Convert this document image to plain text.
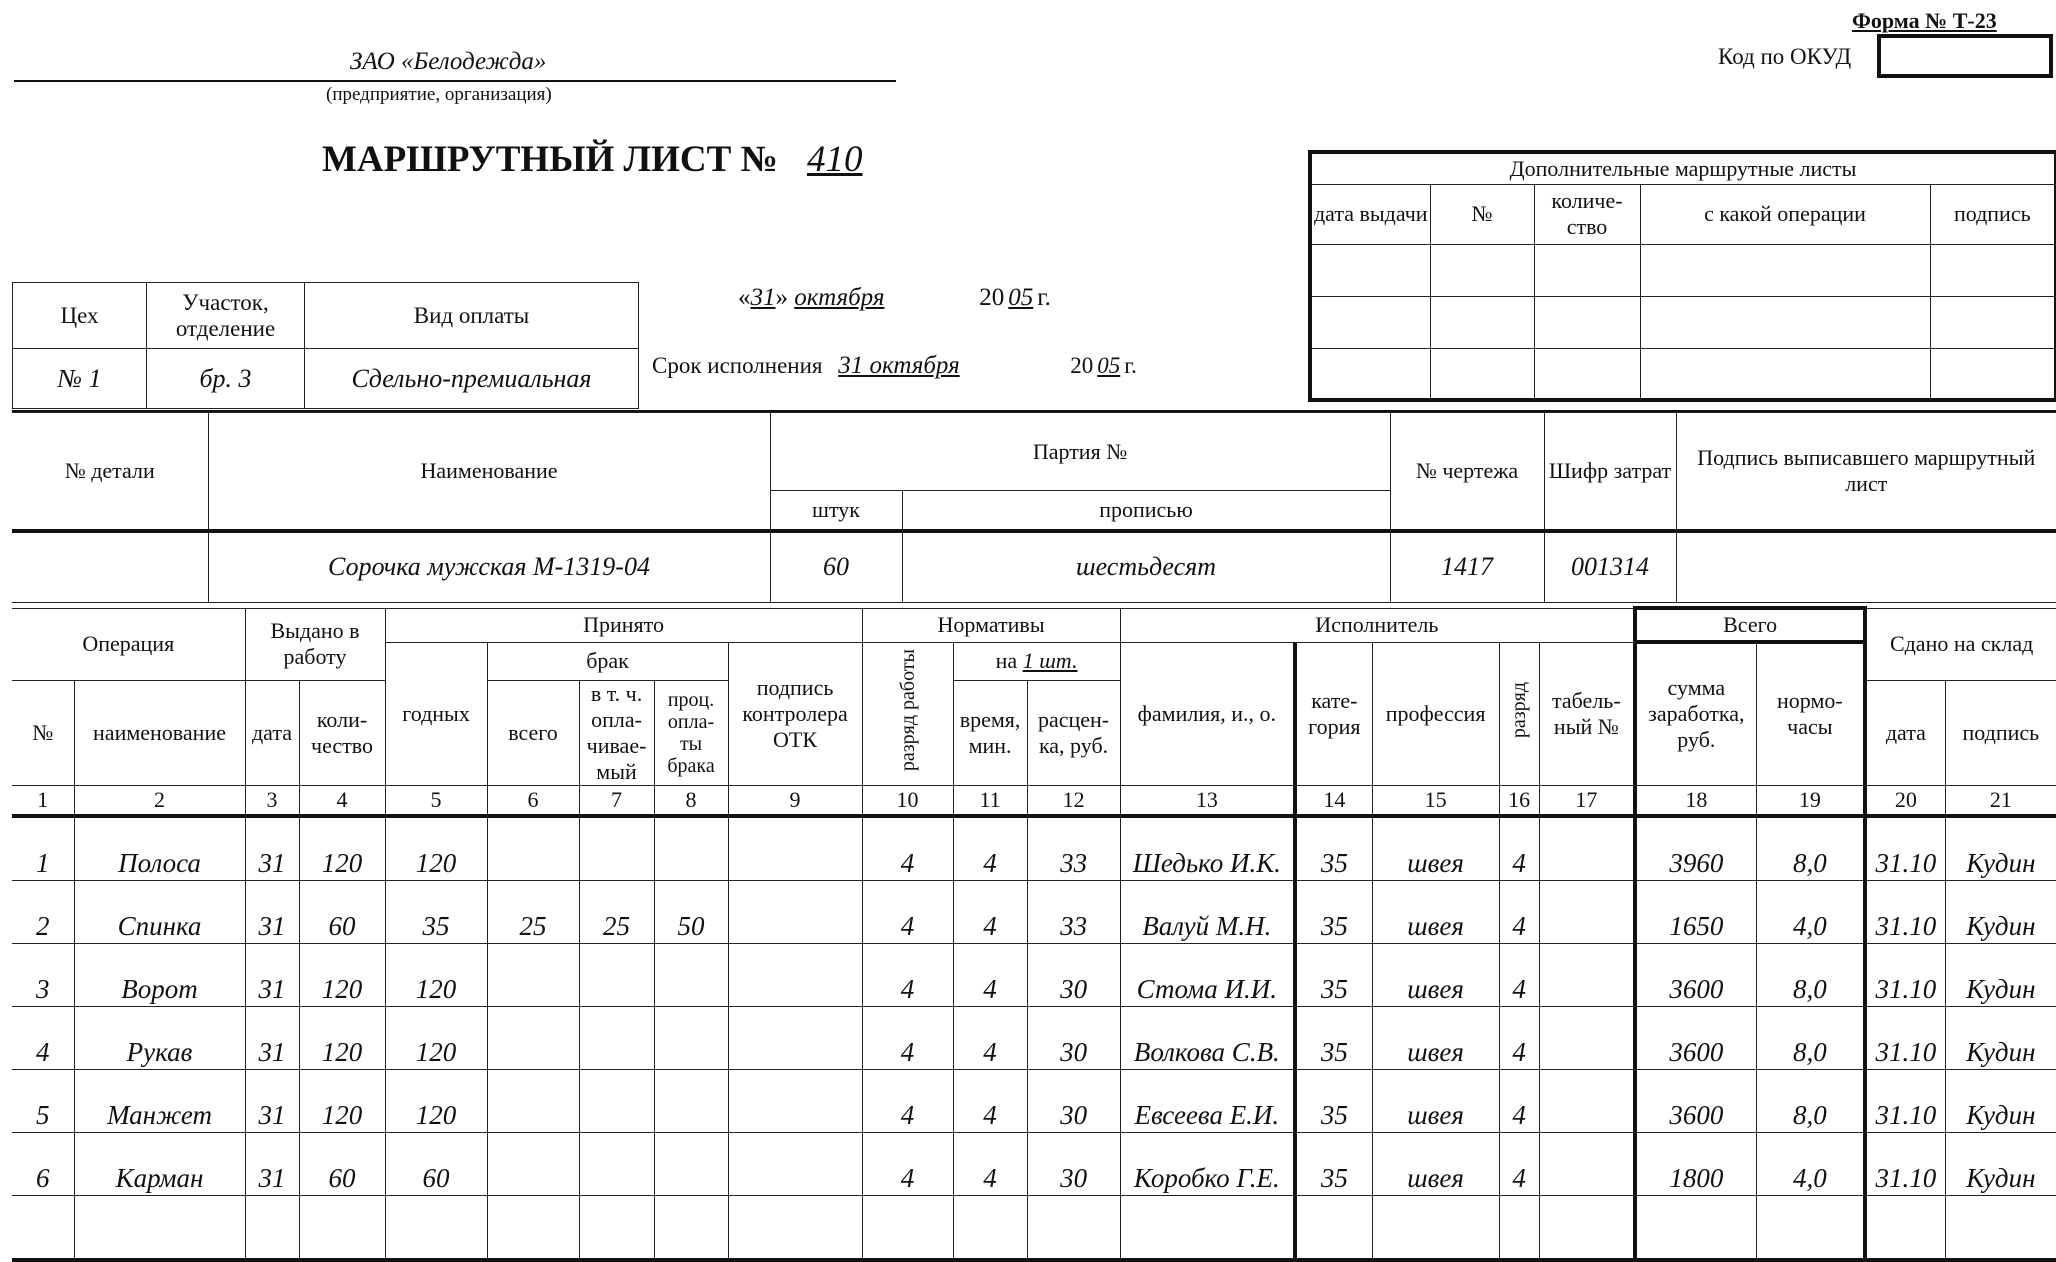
Форма № Т-23
Код по ОКУД
ЗАО «Белодежда»
(предприятие, организация)
МАРШРУТНЫЙ ЛИСТ № 410
«31» октября	20 05 г.
Срок исполнения 31 октября	20 05 г.
Цех	Участок, отделение	Вид оплаты
№ 1	бр. 3	Сдельно-премиальная
Дополнительные маршрутные листы				
дата выдачи	№	количе- ство	с какой операции	подпись

№ детали	Наименование	Партия №		№ чертежа	Шифр затрат	Подпись выписавшего маршрутный лист
		штук	прописью			
	Сорочка мужская М-1319-04	60	шестьдесят	1417	001314	
Операция		Выдано в работу		Принято					Нормативы			Исполнитель					Всего		Сдано на склад	
				годных	брак			подпись контролера ОТК	разряд работы	на 1 шт.		фамилия, и., о.	кате- гория	профессия	разряд	табель- ный №	сумма заработка, руб.	нормо- часы		
№	наименование	дата	коли- чество		всего	в т. ч. опла- чивае- мый	проц. опла- ты брака			время, мин.	расцен- ка, руб.								дата	подпись
1	2	3	4	5	6	7	8	9	10	11	12	13	14	15	16	17	18	19	20	21
1	Полоса	31	120	120					4	4	33	Шедько И.К.	35	швея	4		3960	8,0	31.10	Кудин
2	Спинка	31	60	35	25	25	50		4	4	33	Валуй М.Н.	35	швея	4		1650	4,0	31.10	Кудин
3	Ворот	31	120	120					4	4	30	Стома И.И.	35	швея	4		3600	8,0	31.10	Кудин
4	Рукав	31	120	120					4	4	30	Волкова С.В.	35	швея	4		3600	8,0	31.10	Кудин
5	Манжет	31	120	120					4	4	30	Евсеева Е.И.	35	швея	4		3600	8,0	31.10	Кудин
6	Карман	31	60	60					4	4	30	Коробко Г.Е.	35	швея	4		1800	4,0	31.10	Кудин
